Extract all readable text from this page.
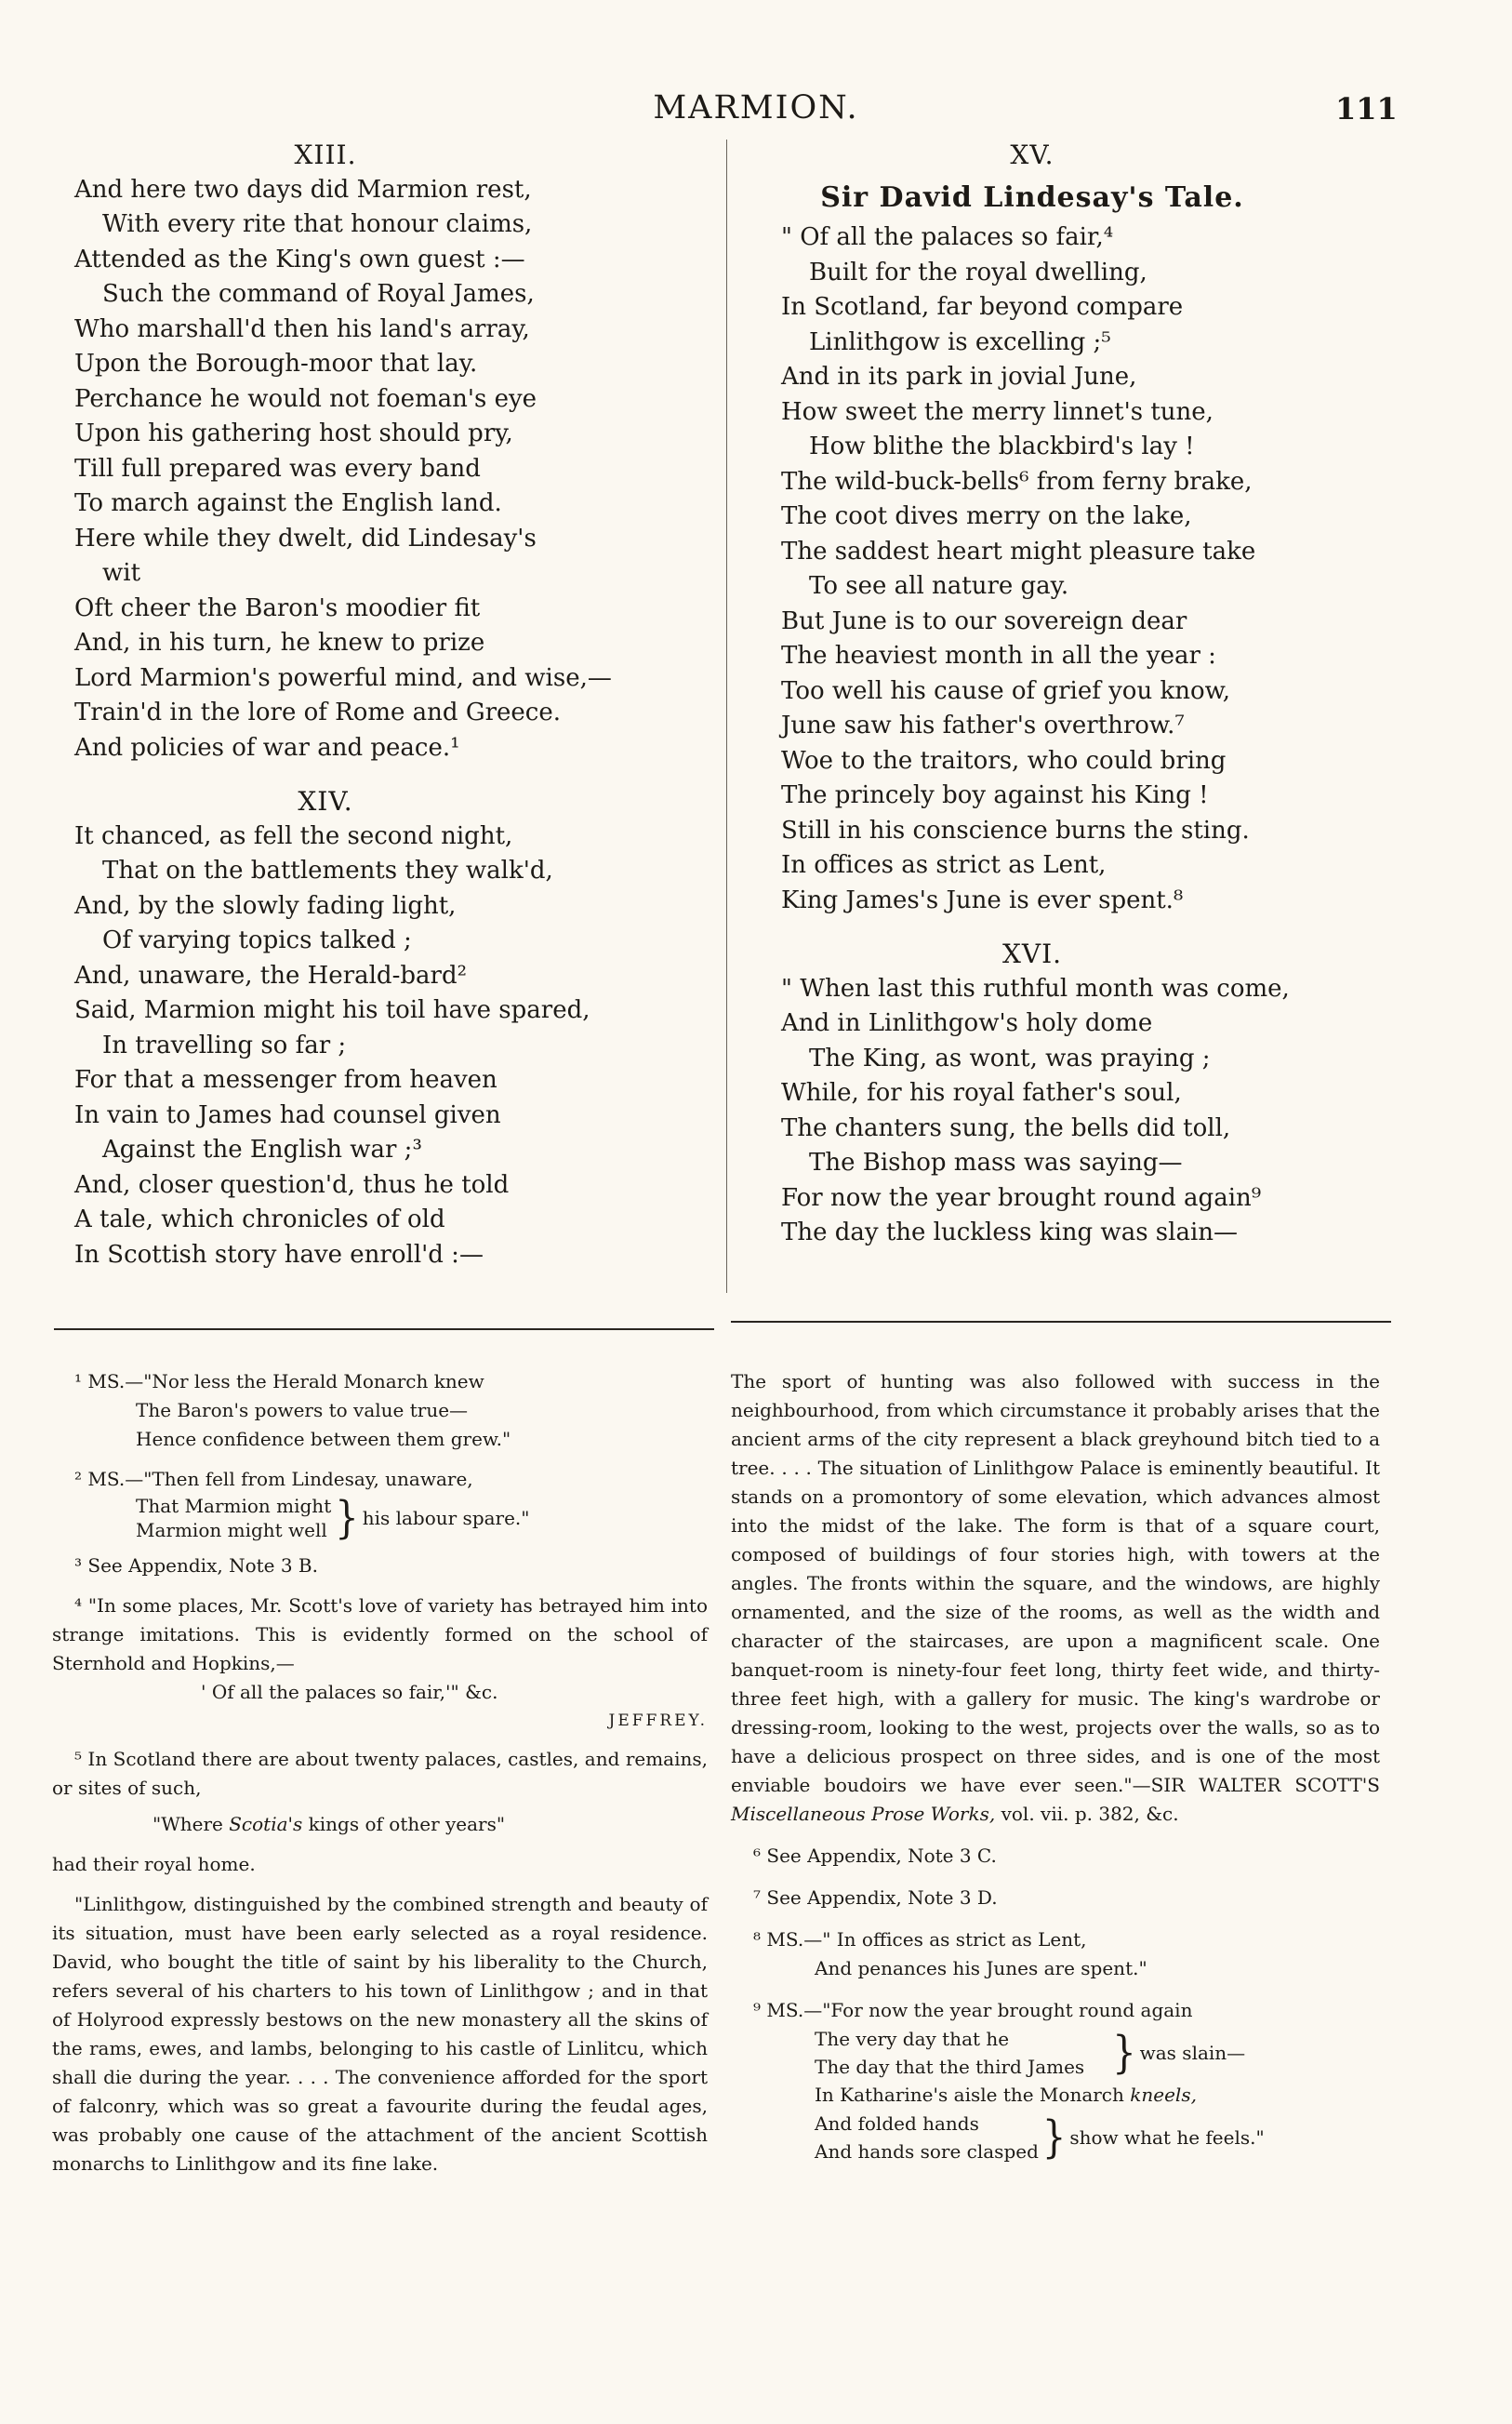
MARMION.	111
XIII.
And here two days did Marmion rest,
With every rite that honour claims,
Attended as the King's own guest :—
Such the command of Royal James,
Who marshall'd then his land's array,
Upon the Borough-moor that lay.
Perchance he would not foeman's eye
Upon his gathering host should pry,
Till full prepared was every band
To march against the English land.
Here while they dwelt, did Lindesay's
wit
Oft cheer the Baron's moodier fit
And, in his turn, he knew to prize
Lord Marmion's powerful mind, and wise,—
Train'd in the lore of Rome and Greece.
And policies of war and peace.¹
XIV.
It chanced, as fell the second night,
That on the battlements they walk'd,
And, by the slowly fading light,
Of varying topics talked ;
And, unaware, the Herald-bard²
Said, Marmion might his toil have spared,
In travelling so far ;
For that a messenger from heaven
In vain to James had counsel given
Against the English war ;³
And, closer question'd, thus he told
A tale, which chronicles of old
In Scottish story have enroll'd :—
XV.
Sir David Lindesay's Tale.
" Of all the palaces so fair,⁴
Built for the royal dwelling,
In Scotland, far beyond compare
Linlithgow is excelling ;⁵
And in its park in jovial June,
How sweet the merry linnet's tune,
How blithe the blackbird's lay !
The wild-buck-bells⁶ from ferny brake,
The coot dives merry on the lake,
The saddest heart might pleasure take
To see all nature gay.
But June is to our sovereign dear
The heaviest month in all the year :
Too well his cause of grief you know,
June saw his father's overthrow.⁷
Woe to the traitors, who could bring
The princely boy against his King !
Still in his conscience burns the sting.
In offices as strict as Lent,
King James's June is ever spent.⁸
XVI.
" When last this ruthful month was come,
And in Linlithgow's holy dome
The King, as wont, was praying ;
While, for his royal father's soul,
The chanters sung, the bells did toll,
The Bishop mass was saying—
For now the year brought round again⁹
The day the luckless king was slain—

¹ MS.—"Nor less the Herald Monarch knew

The Baron's powers to value true—

Hence confidence between them grew."

² MS.—"Then fell from Lindesay, unaware,

That Marmion might
Marmion might well } his labour spare."

³ See Appendix, Note 3 B.

⁴ "In some places, Mr. Scott's love of variety has betrayed him into strange imitations. This is evidently formed on the school of Sternhold and Hopkins,—

' Of all the palaces so fair,'" &c.

JEFFREY.

⁵ In Scotland there are about twenty palaces, castles, and remains, or sites of such,

"Where Scotia's kings of other years"

had their royal home.

"Linlithgow, distinguished by the combined strength and beauty of its situation, must have been early selected as a royal residence. David, who bought the title of saint by his liberality to the Church, refers several of his charters to his town of Linlithgow ; and in that of Holyrood expressly bestows on the new monastery all the skins of the rams, ewes, and lambs, belonging to his castle of Linlitcu, which shall die during the year. . . . The convenience afforded for the sport of falconry, which was so great a favourite during the feudal ages, was probably one cause of the attachment of the ancient Scottish monarchs to Linlithgow and its fine lake.

The sport of hunting was also followed with success in the neighbourhood, from which circumstance it probably arises that the ancient arms of the city represent a black greyhound bitch tied to a tree. . . . The situation of Linlithgow Palace is eminently beautiful. It stands on a promontory of some elevation, which advances almost into the midst of the lake. The form is that of a square court, composed of buildings of four stories high, with towers at the angles. The fronts within the square, and the windows, are highly ornamented, and the size of the rooms, as well as the width and character of the staircases, are upon a magnificent scale. One banquet-room is ninety-four feet long, thirty feet wide, and thirty-three feet high, with a gallery for music. The king's wardrobe or dressing-room, looking to the west, projects over the walls, so as to have a delicious prospect on three sides, and is one of the most enviable boudoirs we have ever seen."—SIR WALTER SCOTT'S Miscellaneous Prose Works, vol. vii. p. 382, &c.

⁶ See Appendix, Note 3 C.

⁷ See Appendix, Note 3 D.

⁸ MS.—" In offices as strict as Lent,

And penances his Junes are spent."

⁹ MS.—"For now the year brought round again

The very day that he
The day that the third James } was slain—

In Katharine's aisle the Monarch kneels,

And folded hands
And hands sore clasped } show what he feels."
